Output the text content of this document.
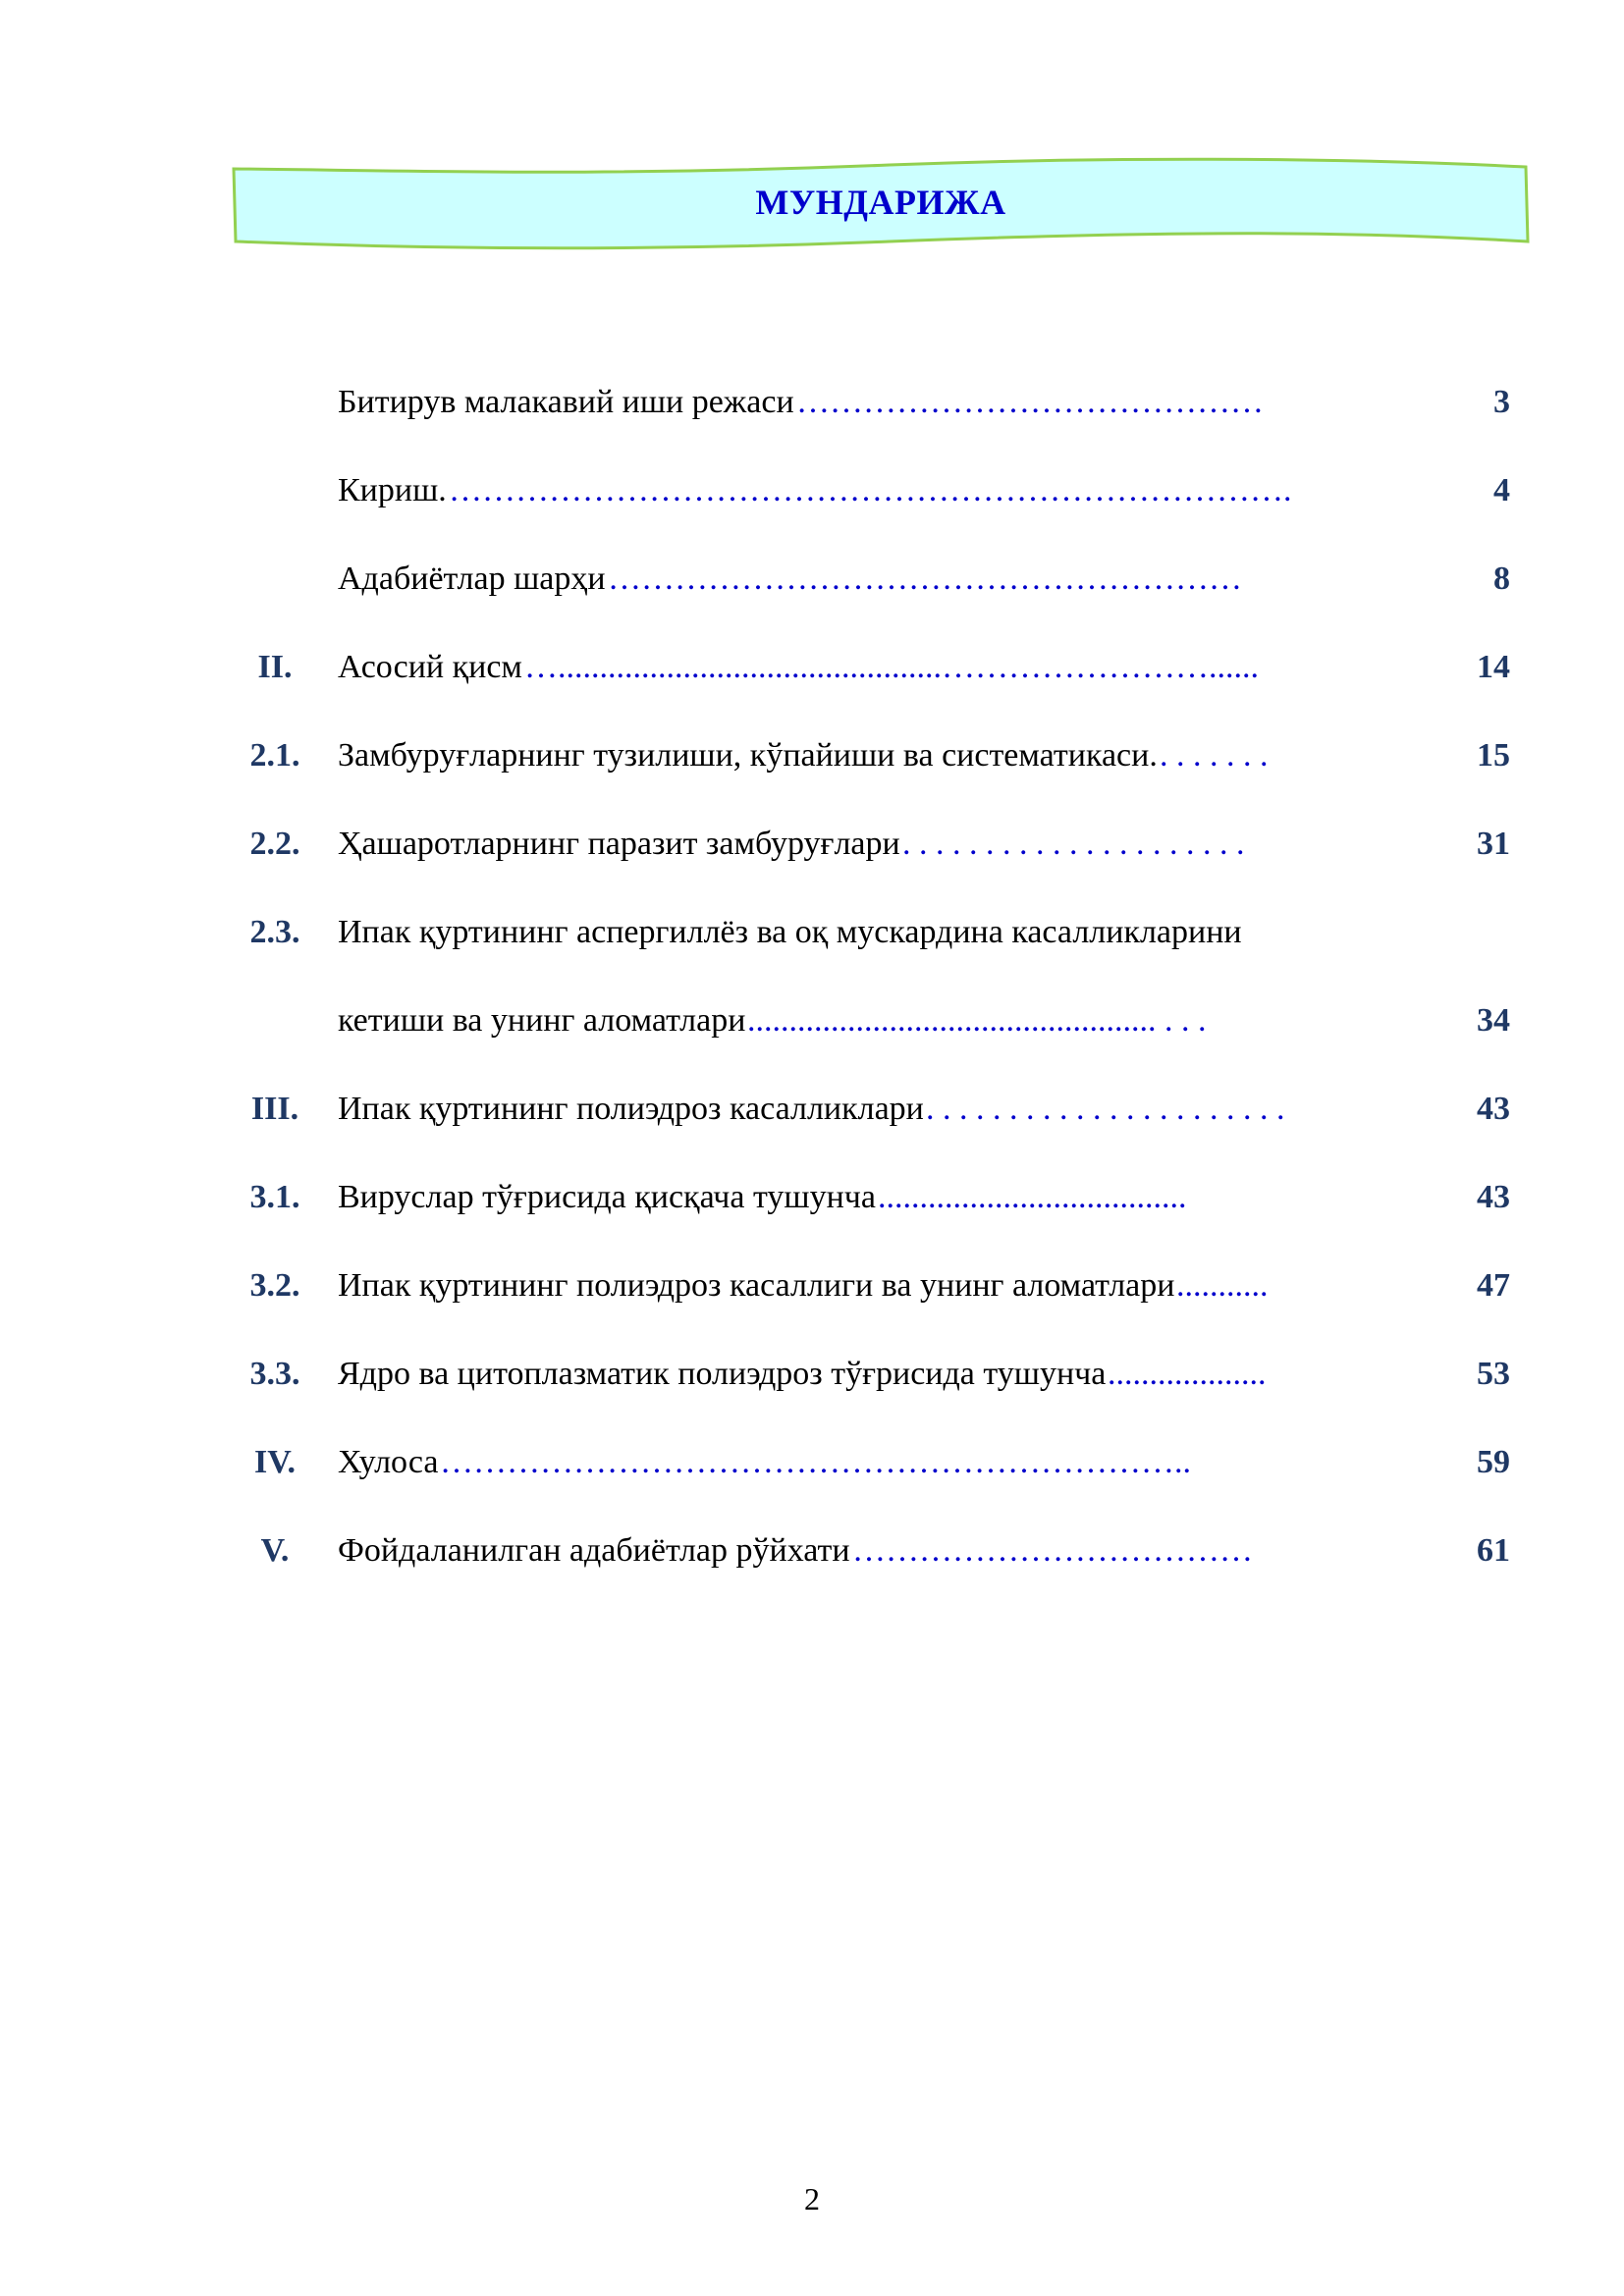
МУНДАРИЖА
Битирув малакавий иши режаси ……………………………………	3
Кириш. ………………………………………………………………….	4
Адабиётлар шарҳи …………………………………………………	8
II.	Асосий қисм …..............................................……………………......	14
2.1.	Замбуруғларнинг тузилиши, кўпайиши ва систематикаси. . . . . . . .	15
2.2.	Ҳашаротларнинг паразит замбуруғлари . . . . . . . . . . . . . . . . . . . . .	31
2.3.	Ипак қуртининг аспергиллёз ва оқ мускардина касалликларини
кетиши ва унинг аломатлари ................................................. . . .	34
III.	Ипак қуртининг полиэдроз касалликлари . . . . . . . . . . . . . . . . . . . . . .	43
3.1.	Вируслар тўғрисида қисқача тушунча .....................................	43
3.2.	Ипак қуртининг полиэдроз касаллиги ва унинг аломатлари ...........	47
3.3.	Ядро ва цитоплазматик полиэдроз тўғрисида тушунча ...................	53
IV.	Хулоса …………………………………………………………..	59
V.	Фойдаланилган адабиётлар рўйхати ………………………………	61
2
